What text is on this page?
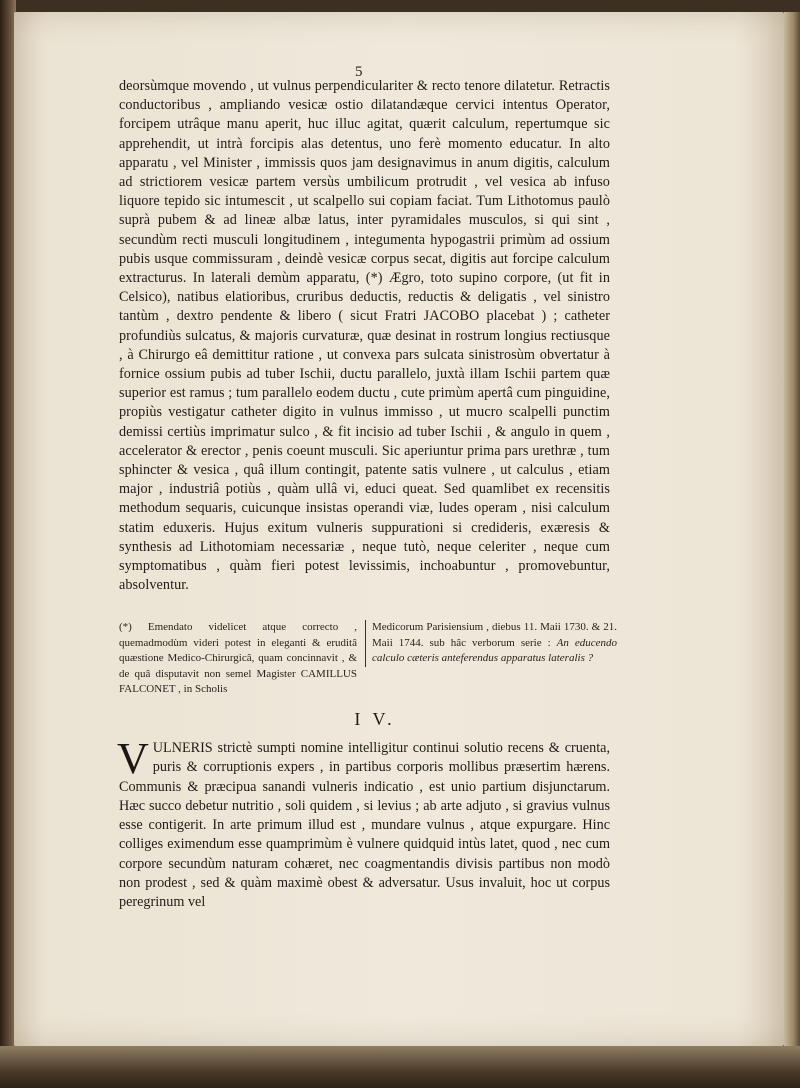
5

deorsùmque movendo , ut vulnus perpendiculariter & recto tenore dilatetur. Retractis conductoribus , ampliando vesicæ ostio dilatandæque cervici intentus Operator, forcipem utrâque manu aperit, huc illuc agitat, quærit calculum, repertumque sic apprehendit, ut intrà forcipis alas detentus, uno ferè momento educatur. In alto apparatu , vel Minister , immissis quos jam designavimus in anum digitis, calculum ad strictiorem vesicæ partem versùs umbilicum protrudit , vel vesica ab infuso liquore tepido sic intumescit , ut scalpello sui copiam faciat. Tum Lithotomus paulò suprà pubem & ad lineæ albæ latus, inter pyramidales musculos, si qui sint , secundùm recti musculi longitudinem , integumenta hypogastrii primùm ad ossium pubis usque commissuram , deindè vesicæ corpus secat, digitis aut forcipe calculum extracturus. In laterali demùm apparatu, (*) Ægro, toto supino corpore, (ut fit in Celsico), natibus elatioribus, cruribus deductis, reductis & deligatis , vel sinistro tantùm , dextro pendente & libero ( sicut Fratri JACOBO placebat ) ; catheter profundiùs sulcatus, & majoris curvaturæ, quæ desinat in rostrum longius rectiusque , à Chirurgo eâ demittitur ratione , ut convexa pars sulcata sinistrosùm obvertatur à fornice ossium pubis ad tuber Ischii, ductu parallelo, juxtà illam Ischii partem quæ superior est ramus ; tum parallelo eodem ductu , cute primùm apertâ cum pinguidine, propiùs vestigatur catheter digito in vulnus immisso , ut mucro scalpelli punctim demissi certiùs imprimatur sulco , & fit incisio ad tuber Ischii , & angulo in quem , accelerator & erector , penis coeunt musculi. Sic aperiuntur prima pars urethræ , tum sphincter & vesica , quâ illum contingit, patente satis vulnere , ut calculus , etiam major , industriâ potiùs , quàm ullâ vi, educi queat. Sed quamlibet ex recensitis methodum sequaris, cuicunque insistas operandi viæ, ludes operam , nisi calculum statim eduxeris. Hujus exitum vulneris suppurationi si credideris, exæresis & synthesis ad Lithotomiam necessariæ , neque tutò, neque celeriter , neque cum symptomatibus , quàm fieri potest levissimis, inchoabuntur , promovebuntur, absolventur.

(*) Emendato videlicet atque correcto , quemadmodùm videri potest in eleganti & eruditâ quæstione Medico-Chirurgicâ, quam concinnavit , & de quâ disputavit non semel Magister CAMILLUS FALCONET , in Scholis
Medicorum Parisiensium , diebus 11. Maii 1730. & 21. Maii 1744. sub hâc verborum serie : An educendo calculo cæteris anteferendus apparatus lateralis ?
I V.
V ULNERIS strictè sumpti nomine intelligitur continui solutio recens & cruenta, puris & corruptionis expers , in partibus corporis mollibus præsertim hærens. Communis & præcipua sanandi vulneris indicatio , est unio partium disjunctarum. Hæc succo debetur nutritio , soli quidem , si levius ; ab arte adjuto , si gravius vulnus esse contigerit. In arte primum illud est , mundare vulnus , atque expurgare. Hinc colliges eximendum esse quamprimùm è vulnere quidquid intùs latet, quod , nec cum corpore secundùm naturam cohæret, nec coagmentandis divisis partibus non modò non prodest , sed & quàm maximè obest & adversatur. Usus invaluit, hoc ut corpus peregrinum vel
